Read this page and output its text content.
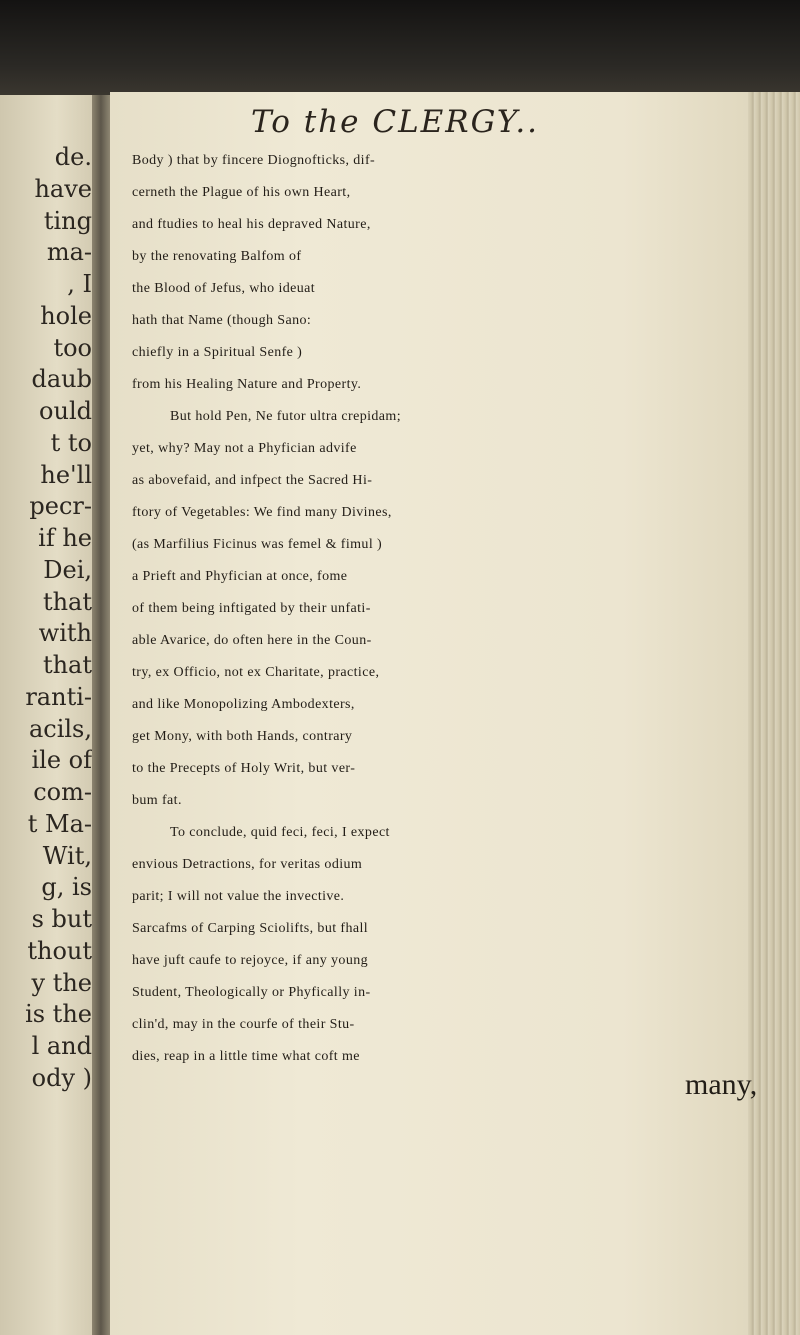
de.
have
ting
ma-
, I
hole
too
daub
ould
t to
he'll
pecr-
if he
Dei,
that
with
that
ranti-
acils,
ile of
com-
t Ma-
Wit,
g, is
s but
thout
y the
is the
l and
ody )
To the CLERGY..
Body ) that by fincere Diognofticks, dif-
cerneth the Plague of his own Heart,
and ftudies to heal his depraved Nature,
by the renovating Balfom of
the Blood of Jefus, who ideuat
hath that Name (though Sano:
chiefly in a Spiritual Senfe )
from his Healing Nature and Property.
But hold Pen, Ne futor ultra crepidam;
yet, why? May not a Phyfician advife
as abovefaid, and infpect the Sacred Hi-
ftory of Vegetables: We find many Divines,
(as Marfilius Ficinus was femel & fimul )
a Prieft and Phyfician at once, fome
of them being inftigated by their unfati-
able Avarice, do often here in the Coun-
try, ex Officio, not ex Charitate, practice,
and like Monopolizing Ambodexters,
get Mony, with both Hands, contrary
to the Precepts of Holy Writ, but ver-
bum fat.
To conclude, quid feci, feci, I expect
envious Detractions, for veritas odium
parit; I will not value the invective.
Sarcafms of Carping Sciolifts, but fhall
have juft caufe to rejoyce, if any young
Student, Theologically or Phyfically in-
clin'd, may in the courfe of their Stu-
dies, reap in a little time what coft me
many,
